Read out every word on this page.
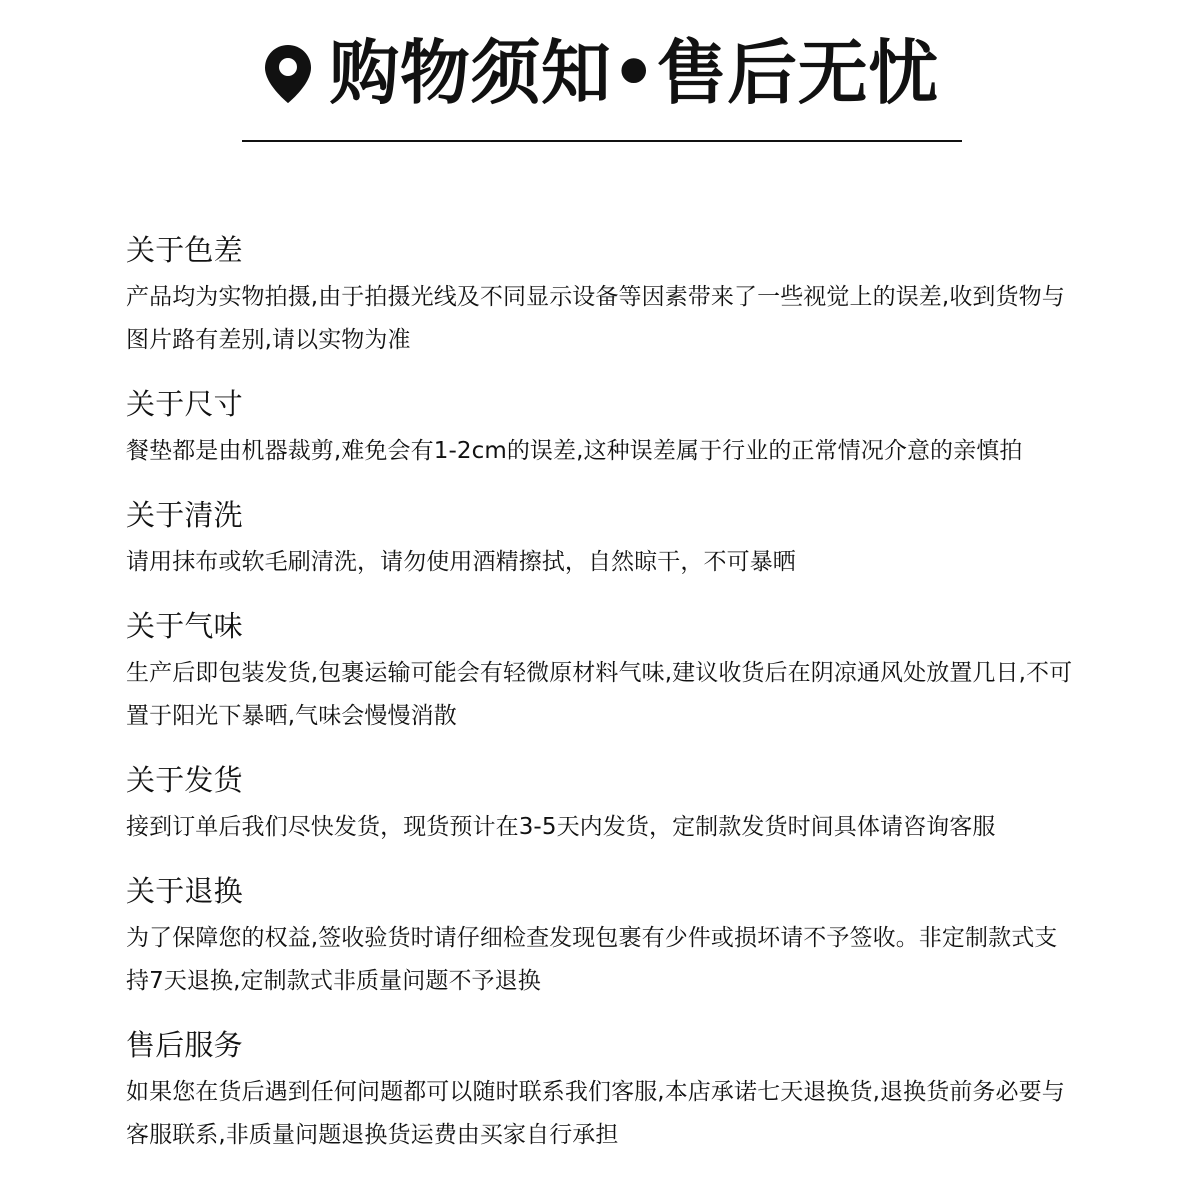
购物须知•售后无忧
关于色差

产品均为实物拍摄,由于拍摄光线及不同显示设备等因素带来了一些视觉上的误差,收到货物与图片路有差别,请以实物为准

关于尺寸

餐垫都是由机器裁剪,难免会有1-2cm的误差,这种误差属于行业的正常情况介意的亲慎拍

关于清洗

请用抹布或软毛刷清洗，请勿使用酒精擦拭，自然晾干，不可暴晒

关于气味

生产后即包装发货,包裹运输可能会有轻微原材料气味,建议收货后在阴凉通风处放置几日,不可置于阳光下暴晒,气味会慢慢消散

关于发货

接到订单后我们尽快发货，现货预计在3-5天内发货，定制款发货时间具体请咨询客服

关于退换

为了保障您的权益,签收验货时请仔细检查发现包裹有少件或损坏请不予签收。非定制款式支持7天退换,定制款式非质量问题不予退换

售后服务

如果您在货后遇到任何问题都可以随时联系我们客服,本店承诺七天退换货,退换货前务必要与客服联系,非质量问题退换货运费由买家自行承担
